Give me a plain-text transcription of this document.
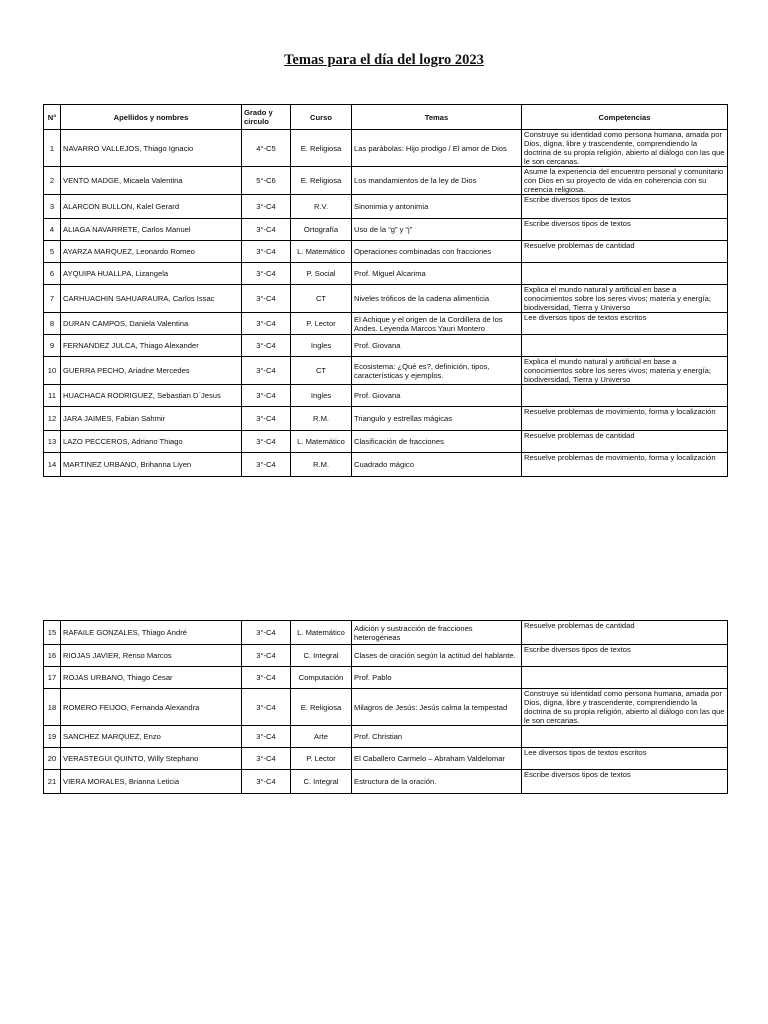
Temas para el día del logro 2023
N°	Apellidos y nombres	Grado y circulo	Curso	Temas	Competencias
1	NAVARRO VALLEJOS, Thiago Ignacio	4°-C5	E. Religiosa	Las parábolas: Hijo prodigo / El amor de Dios	Construye su identidad como persona humana, amada por Dios, digna, libre y trascendente, comprendiendo la doctrina de su propia religión, abierto al diálogo con las que le son cercanas.
2	VENTO MADGE, Micaela Valentina	5°-C6	E. Religiosa	Los mandamientos de la ley de Dios	Asume la experiencia del encuentro personal y comunitario con Dios en su proyecto de vida en coherencia con su creencia religiosa.
3	ALARCON BULLON, Kalel Gerard	3°-C4	R.V.	Sinonimia y antonimia	Escribe diversos tipos de textos
4	ALIAGA NAVARRETE, Carlos Manuel	3°-C4	Ortografía	Uso de la “g” y “j”	Escribe diversos tipos de textos
5	AYARZA MARQUEZ, Leonardo Romeo	3°-C4	L. Matemático	Operaciones combinadas con fracciones	Resuelve problemas de cantidad
6	AYQUIPA HUALLPA, Lizangela	3°-C4	P. Social	Prof. Miguel Alcarima	
7	CARHUACHIN SAHUARAURA, Carlos Issac	3°-C4	CT	Niveles tróficos de la cadena alimenticia	Explica el mundo natural y artificial en base a conocimientos sobre los seres vivos; materia y energía; biodiversidad, Tierra y Universo
8	DURAN CAMPOS, Daniela Valentina	3°-C4	P. Lector	El Achique y el origen de la Cordillera de los Andes. Leyenda Marcos Yauri Montero	Lee diversos tipos de textos escritos
9	FERNANDEZ JULCA, Thiago Alexander	3°-C4	Ingles	Prof. Giovana	
10	GUERRA PECHO, Ariadne Mercedes	3°-C4	CT	Ecosistema: ¿Qué es?, definición, tipos, características y ejemplos.	Explica el mundo natural y artificial en base a conocimientos sobre los seres vivos; materia y energía; biodiversidad, Tierra y Universo
11	HUACHACA RODRIGUEZ, Sebastian D´Jesus	3°-C4	Ingles	Prof. Giovana	
12	JARA JAIMES, Fabian Sahmir	3°-C4	R.M.	Triangulo y estrellas mágicas	Resuelve problemas de movimiento, forma y localización
13	LAZO PECCEROS, Adriano Thiago	3°-C4	L. Matemático	Clasificación de fracciones	Resuelve problemas de cantidad
14	MARTINEZ URBANO, Brihanna Liyen	3°-C4	R.M.	Cuadrado mágico	Resuelve problemas de movimiento, forma y localización
15	RAFAILE GONZALES, Thiago André	3°-C4	L. Matemático	Adición y sustracción de fracciones heterogéneas	Resuelve problemas de cantidad
16	RIOJAS JAVIER, Renso Marcos	3°-C4	C. Integral	Clases de oración según la actitud del hablante.	Escribe diversos tipos de textos
17	ROJAS URBANO, Thiago Cesar	3°-C4	Computación	Prof. Pablo	
18	ROMERO FEIJOO, Fernanda Alexandra	3°-C4	E. Religiosa	Milagros de Jesús: Jesús calma la tempestad	Construye su identidad como persona humana, amada por Dios, digna, libre y trascendente, comprendiendo la doctrina de su propia religión, abierto al diálogo con las que le son cercanas.
19	SANCHEZ MARQUEZ, Enzo	3°-C4	Arte	Prof. Christian	
20	VERASTEGUI QUINTO, Willy Stephano	3°-C4	P. Lector	El Caballero Carmelo – Abraham Valdelomar	Lee diversos tipos de textos escritos
21	VIERA MORALES, Brianna Leticia	3°-C4	C. Integral	Estructura de la oración.	Escribe diversos tipos de textos
